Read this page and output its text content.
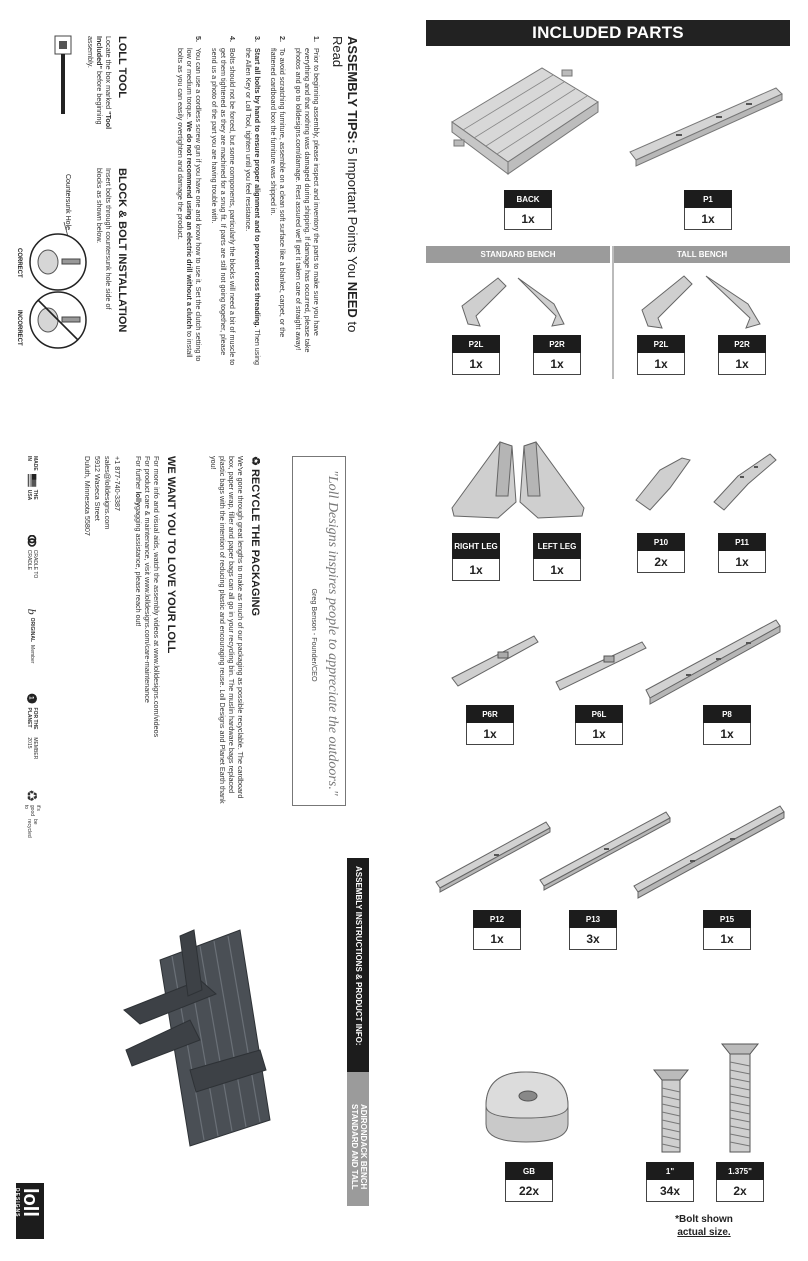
INCLUDED PARTS
BACK
1x
P1
1x
STANDARD BENCH	TALL BENCH
P2L
1x
P2R
1x
P2L
1x
P2R
1x
RIGHT LEG
1x
LEFT LEG
1x
P10
2x
P11
1x
P6R
1x
P6L
1x
P8
1x
P12
1x
P13
3x
P15
1x
GB
22x
1"
34x
1.375"
2x
*Bolt shown
actual size.
ASSEMBLY TIPS: 5 Important Points You NEED to Read
1.
Prior to beginning assembly, please inspect and inventory the parts to make sure you have everything and that nothing was damaged during shipping. If damage has occurred, please take photos and go to lolldesigns.com/damage. Rest assured we'll get it taken care of straight away!
2.
To avoid scratching furniture, assemble on a clean soft surface like a blanket, carpet, or the flattened cardboard box the furniture was shipped in.
3.
Start all bolts by hand to ensure proper alignment and to prevent cross threading. Then using the Allen Key or Loll Tool, tighten until you feel resistance.
4.
Bolts should not be forced, but some components, particularly the blocks will need a bit of muscle to get them tightened as they are machined for a snug fit. If parts are still not going together, please send us a photo of the part you are having trouble with.
5.
You can use a cordless screw gun if you have one and know how to use it. Set the clutch setting to low or medium torque. We do not recommend using an electric drill without a clutch to install bolts as you can easily overtighten and damage the product.
LOLL TOOL

Locate the box marked "Tool Included" before beginning assembly.

BLOCK & BOLT INSTALLATION

Insert bolts through countersunk hole side of blocks as shown below.

Countersunk Hole
CORRECT
INCORRECT
"Loll Designs inspires people to appreciate the outdoors."
Greg Benson - Founder/CEO
♻ RECYCLE THE PACKAGING

We've gone through great lengths to make as much of our packaging as possible recyclable. The cardboard box, paper wrap, filler and paper bags can all go in your recycling bin. The muslin hardware bags replaced plastic bags with the intention of reducing plastic and encouraging reuse. Loll Designs and Planet Earth thank you!

WE WANT YOU TO LOVE YOUR LOLL

For more info and visual aids, watch the assembly videos at www.lolldesigns.com/videos

For product care & maintenance, visit www.lolldesigns.com/care-maintenance

For further lollygagging assistance, please reach out!

+1 877-740-3387
sales@lolldesigns.com
5912 Waseca Street
Duluth, Minnesota 55807
MADE IN
THE USA
CRADLE TO CRADLE
b
ORIGINAL
Member
1
FOR THE PLANET
MEMBER 2015
♻
it's good to
be recycled
ASSEMBLY INSTRUCTIONS & PRODUCT INFO:
ADIRONDACK BENCH
STANDARD AND TALL
loll
DESIGNS
